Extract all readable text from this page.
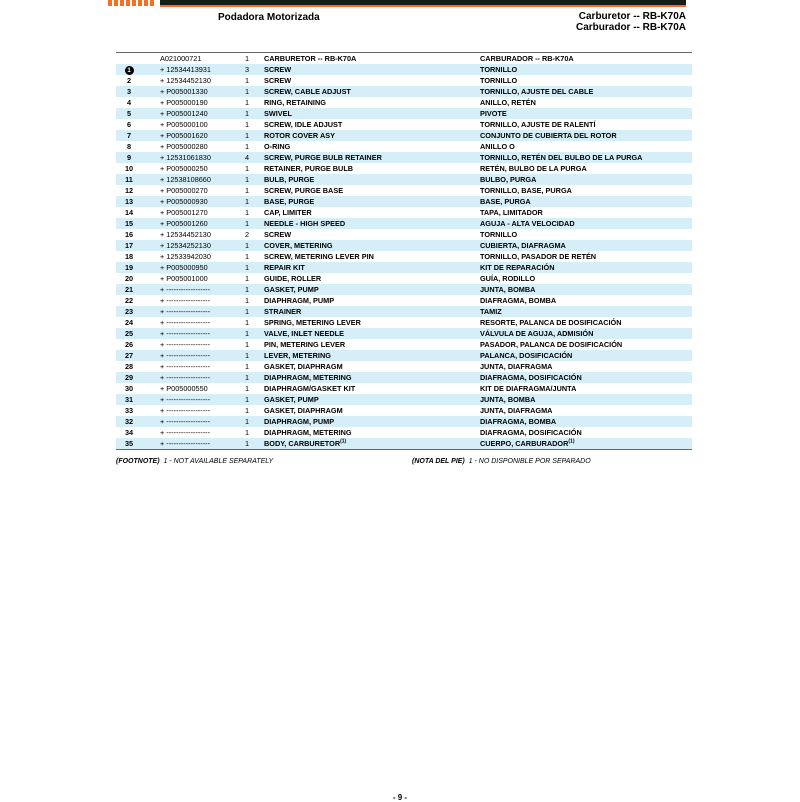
Podadora Motorizada	Carburetor -- RB-K70A
Carburador -- RB-K70A
A021000721	1 CARBURETOR -- RB-K70A	CARBURADOR -- RB-K70A
1	+ 12534413931	3 SCREW	TORNILLO
2	+ 12534452130	1 SCREW	TORNILLO
3	+ P005001330	1 SCREW, CABLE ADJUST	TORNILLO, AJUSTE DEL CABLE
4	+ P005000190	1 RING, RETAINING	ANILLO, RETÉN
5	+ P005001240	1 SWIVEL	PIVOTE
6	+ P005000100	1 SCREW, IDLE ADJUST	TORNILLO, AJUSTE DE RALENTÍ
7	+ P005001620	1 ROTOR COVER ASY	CONJUNTO DE CUBIERTA DEL ROTOR
8	+ P005000280	1 O-RING	ANILLO O
9	+ 12531061830	4 SCREW, PURGE BULB RETAINER	TORNILLO, RETÉN DEL BULBO DE LA PURGA
10	+ P005000250	1 RETAINER, PURGE BULB	RETÉN, BULBO DE LA PURGA
11	+ 12538108660	1 BULB, PURGE	BULBO, PURGA
12	+ P005000270	1 SCREW, PURGE BASE	TORNILLO, BASE, PURGA
13	+ P005000930	1 BASE, PURGE	BASE, PURGA
14	+ P005001270	1 CAP, LIMITER	TAPA, LIMITADOR
15	+ P005001260	1 NEEDLE - HIGH SPEED	AGUJA - ALTA VELOCIDAD
16	+ 12534452130	2 SCREW	TORNILLO
17	+ 12534252130	1 COVER, METERING	CUBIERTA, DIAFRAGMA
18	+ 12533942030	1 SCREW, METERING LEVER PIN	TORNILLO, PASADOR DE RETÉN
19	+ P005000950	1 REPAIR KIT	KIT DE REPARACIÓN
20	+ P005001000	1 GUIDE, ROLLER	GUÍA, RODILLO
21	+ ------------------	1 GASKET, PUMP	JUNTA, BOMBA
22	+ ------------------	1 DIAPHRAGM, PUMP	DIAFRAGMA, BOMBA
23	+ ------------------	1 STRAINER	TAMIZ
24	+ ------------------	1 SPRING, METERING LEVER	RESORTE, PALANCA DE DOSIFICACIÓN
25	+ ------------------	1 VALVE, INLET NEEDLE	VÁLVULA DE AGUJA, ADMISIÓN
26	+ ------------------	1 PIN, METERING LEVER	PASADOR, PALANCA DE DOSIFICACIÓN
27	+ ------------------	1 LEVER, METERING	PALANCA, DOSIFICACIÓN
28	+ ------------------	1 GASKET, DIAPHRAGM	JUNTA, DIAFRAGMA
29	+ ------------------	1 DIAPHRAGM, METERING	DIAFRAGMA, DOSIFICACIÓN
30	+ P005000550	1 DIAPHRAGM/GASKET KIT	KIT DE DIAFRAGMA/JUNTA
31	+ ------------------	1 GASKET, PUMP	JUNTA, BOMBA
33	+ ------------------	1 GASKET, DIAPHRAGM	JUNTA, DIAFRAGMA
32	+ ------------------	1 DIAPHRAGM, PUMP	DIAFRAGMA, BOMBA
34	+ ------------------	1 DIAPHRAGM, METERING	DIAFRAGMA, DOSIFICACIÓN
35	+ ------------------	1 BODY, CARBURETOR$^{(1)}$	CUERPO, CARBURADOR$^{(1)}$
(FOOTNOTE) 1 - NOT AVAILABLE SEPARATELY	(NOTA DEL PIE) 1 - NO DISPONIBLE POR SEPARADO
- 9 -
